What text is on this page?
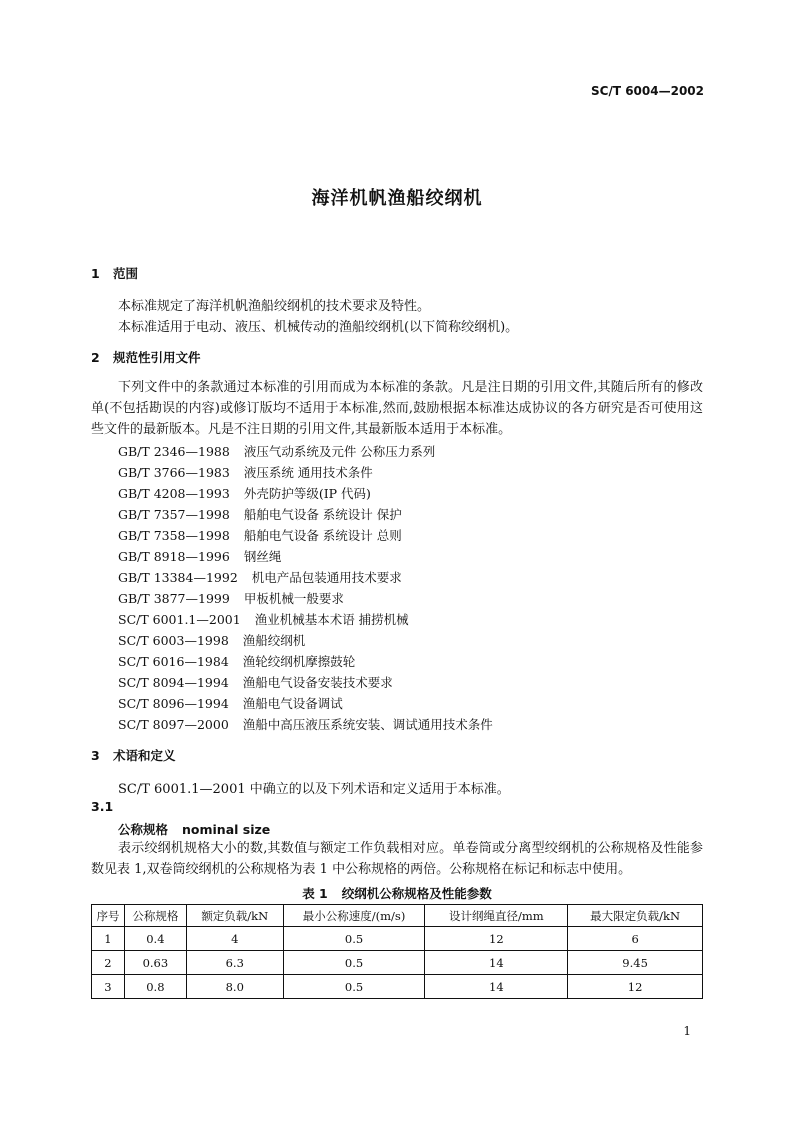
SC/T 6004—2002
海洋机帆渔船绞纲机
1 范围
本标准规定了海洋机帆渔船绞纲机的技术要求及特性。
本标准适用于电动、液压、机械传动的渔船绞纲机(以下简称绞纲机)。
2 规范性引用文件
下列文件中的条款通过本标准的引用而成为本标准的条款。凡是注日期的引用文件,其随后所有的修改单(不包括勘误的内容)或修订版均不适用于本标准,然而,鼓励根据本标准达成协议的各方研究是否可使用这些文件的最新版本。凡是不注日期的引用文件,其最新版本适用于本标准。
GB/T 2346—1988 液压气动系统及元件 公称压力系列
GB/T 3766—1983 液压系统 通用技术条件
GB/T 4208—1993 外壳防护等级(IP 代码)
GB/T 7357—1998 船舶电气设备 系统设计 保护
GB/T 7358—1998 船舶电气设备 系统设计 总则
GB/T 8918—1996 钢丝绳
GB/T 13384—1992 机电产品包装通用技术要求
GB/T 3877—1999 甲板机械一般要求
SC/T 6001.1—2001 渔业机械基本术语 捕捞机械
SC/T 6003—1998 渔船绞纲机
SC/T 6016—1984 渔轮绞纲机摩擦鼓轮
SC/T 8094—1994 渔船电气设备安装技术要求
SC/T 8096—1994 渔船电气设备调试
SC/T 8097—2000 渔船中高压液压系统安装、调试通用技术条件
3 术语和定义
SC/T 6001.1—2001 中确立的以及下列术语和定义适用于本标准。
3.1
公称规格 nominal size
表示绞纲机规格大小的数,其数值与额定工作负载相对应。单卷筒或分离型绞纲机的公称规格及性能参数见表 1,双卷筒绞纲机的公称规格为表 1 中公称规格的两倍。公称规格在标记和标志中使用。
表 1 绞纲机公称规格及性能参数
序号	公称规格	额定负载/kN	最小公称速度/(m/s)	设计纲绳直径/mm	最大限定负载/kN
1	0.4	4	0.5	12	6
2	0.63	6.3	0.5	14	9.45
3	0.8	8.0	0.5	14	12
1
